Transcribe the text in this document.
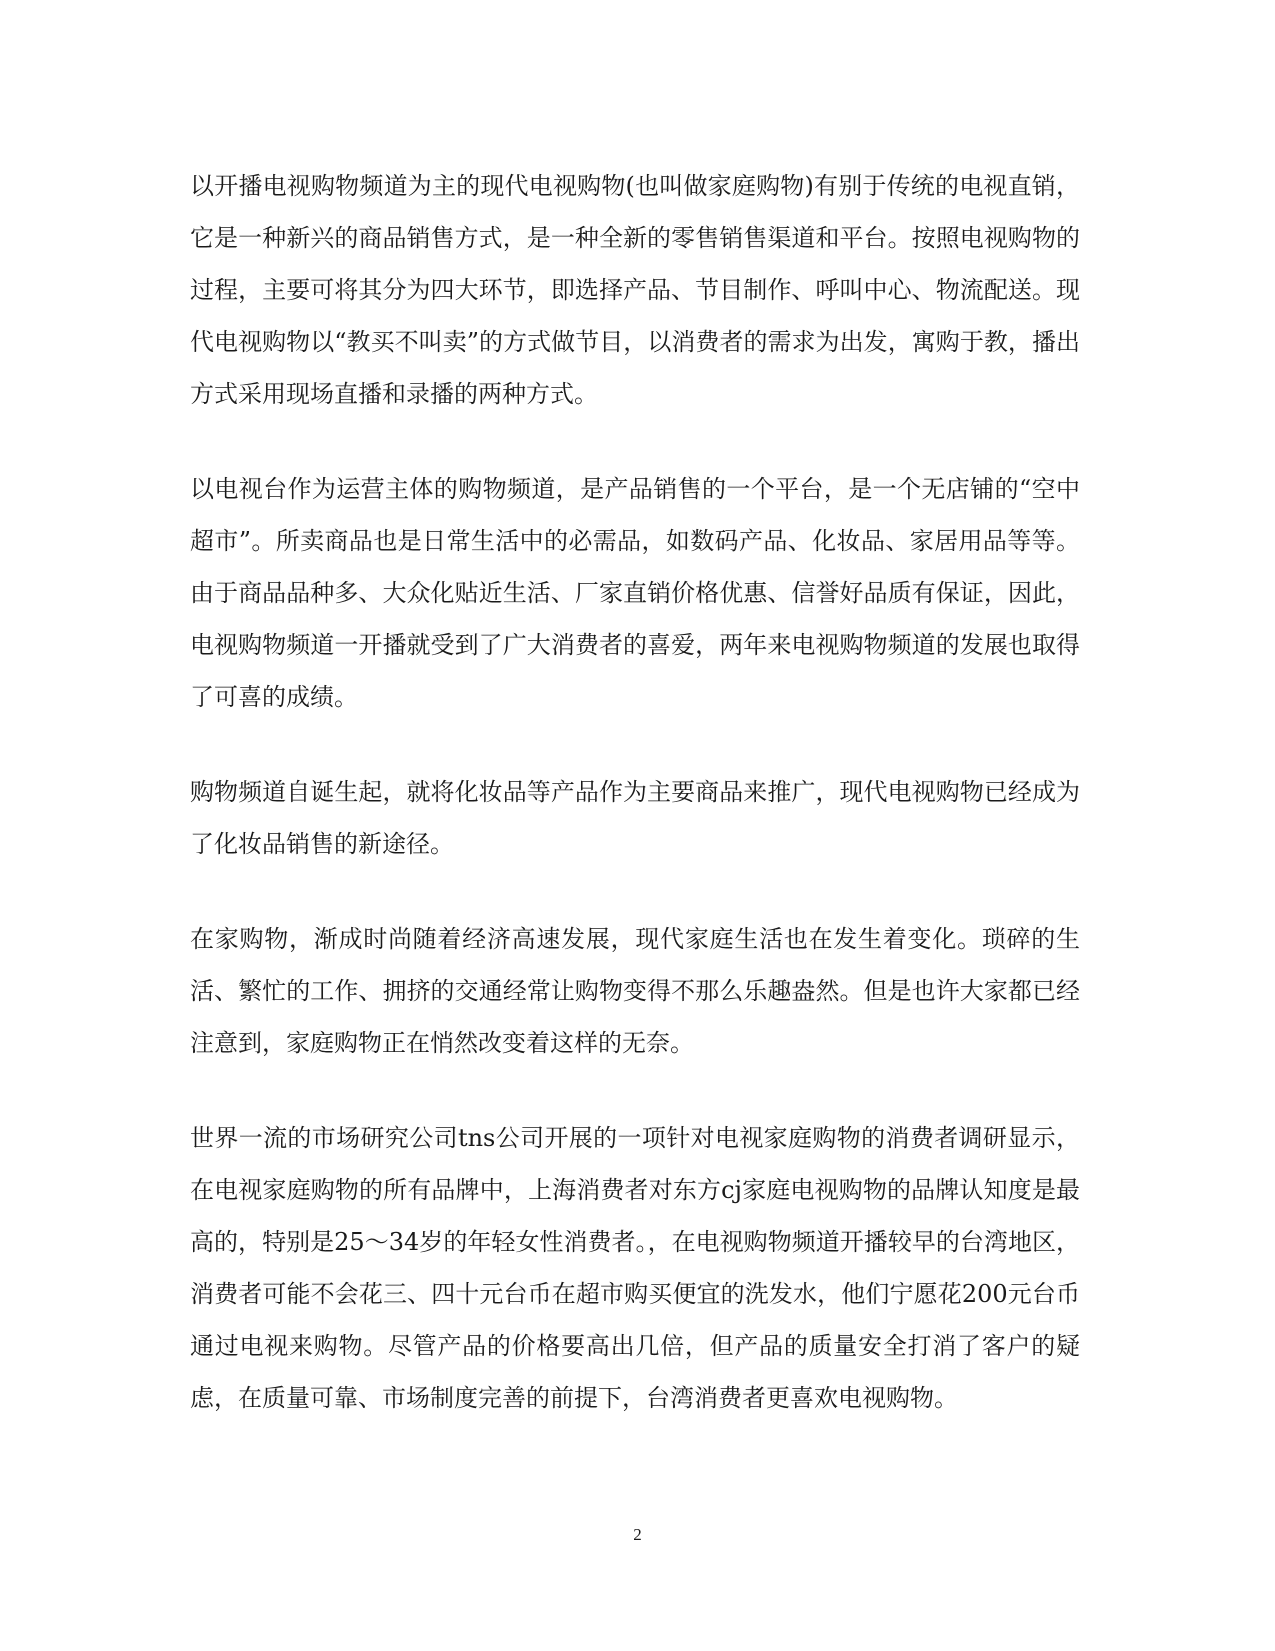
以开播电视购物频道为主的现代电视购物(也叫做家庭购物)有别于传统的电视直销，它是一种新兴的商品销售方式，是一种全新的零售销售渠道和平台。按照电视购物的过程，主要可将其分为四大环节，即选择产品、节目制作、呼叫中心、物流配送。现代电视购物以“教买不叫卖”的方式做节目，以消费者的需求为出发，寓购于教，播出方式采用现场直播和录播的两种方式。

以电视台作为运营主体的购物频道，是产品销售的一个平台，是一个无店铺的“空中超市”。所卖商品也是日常生活中的必需品，如数码产品、化妆品、家居用品等等。由于商品品种多、大众化贴近生活、厂家直销价格优惠、信誉好品质有保证，因此，电视购物频道一开播就受到了广大消费者的喜爱，两年来电视购物频道的发展也取得了可喜的成绩。

购物频道自诞生起，就将化妆品等产品作为主要商品来推广，现代电视购物已经成为了化妆品销售的新途径。

在家购物，渐成时尚随着经济高速发展，现代家庭生活也在发生着变化。琐碎的生活、繁忙的工作、拥挤的交通经常让购物变得不那么乐趣盎然。但是也许大家都已经注意到，家庭购物正在悄然改变着这样的无奈。

世界一流的市场研究公司tns公司开展的一项针对电视家庭购物的消费者调研显示，在电视家庭购物的所有品牌中，上海消费者对东方cj家庭电视购物的品牌认知度是最高的，特别是25～34岁的年轻女性消费者。，在电视购物频道开播较早的台湾地区，消费者可能不会花三、四十元台币在超市购买便宜的洗发水，他们宁愿花200元台币通过电视来购物。尽管产品的价格要高出几倍，但产品的质量安全打消了客户的疑虑，在质量可靠、市场制度完善的前提下，台湾消费者更喜欢电视购物。

2
